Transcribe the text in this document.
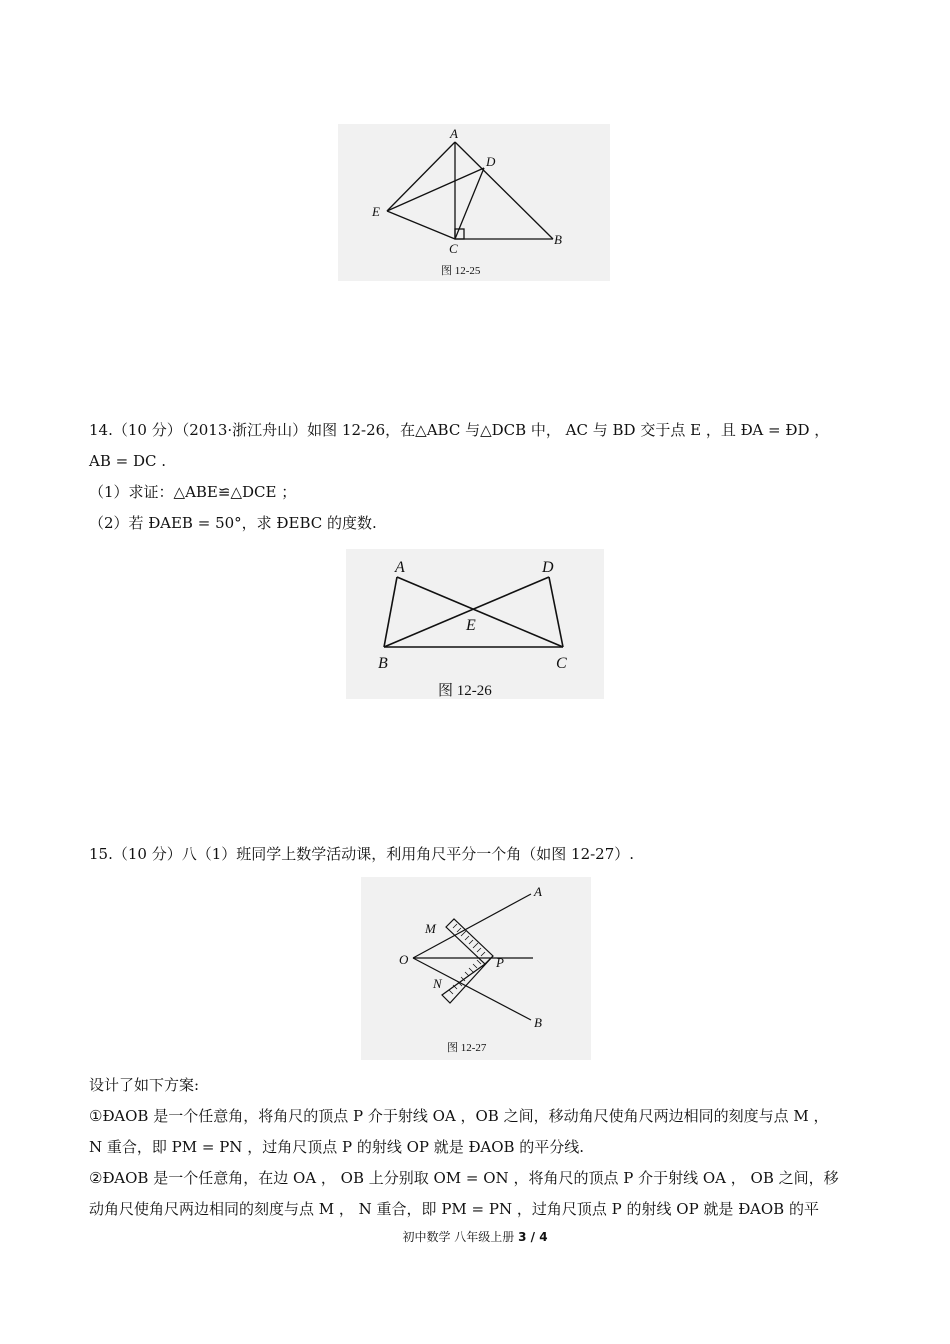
A
D
E
C
B
图 12-25
14.（10 分）（2013·浙江舟山）如图 12-26，在△ABC 与△DCB 中， AC 与 BD 交于点 E ，且 ÐA = ÐD ，
AB = DC .
（1）求证：△ABE≌△DCE ；
（2）若 ÐAEB = 50°，求 ÐEBC 的度数.
A	D
E
B	C
图 12-26
15.（10 分）八（1）班同学上数学活动课，利用角尺平分一个角（如图 12-27）.
A
M
O	P
N
B
图 12-27
设计了如下方案:
①ÐAOB 是一个任意角，将角尺的顶点 P 介于射线 OA ，OB 之间，移动角尺使角尺两边相同的刻度与点 M ，
N 重合，即 PM = PN ，过角尺顶点 P 的射线 OP 就是 ÐAOB 的平分线.
②ÐAOB 是一个任意角，在边 OA ， OB 上分别取 OM = ON ，将角尺的顶点 P 介于射线 OA ， OB 之间，移
动角尺使角尺两边相同的刻度与点 M ， N 重合，即 PM = PN ，过角尺顶点 P 的射线 OP 就是 ÐAOB 的平
初中数学 八年级上册 3 / 4
